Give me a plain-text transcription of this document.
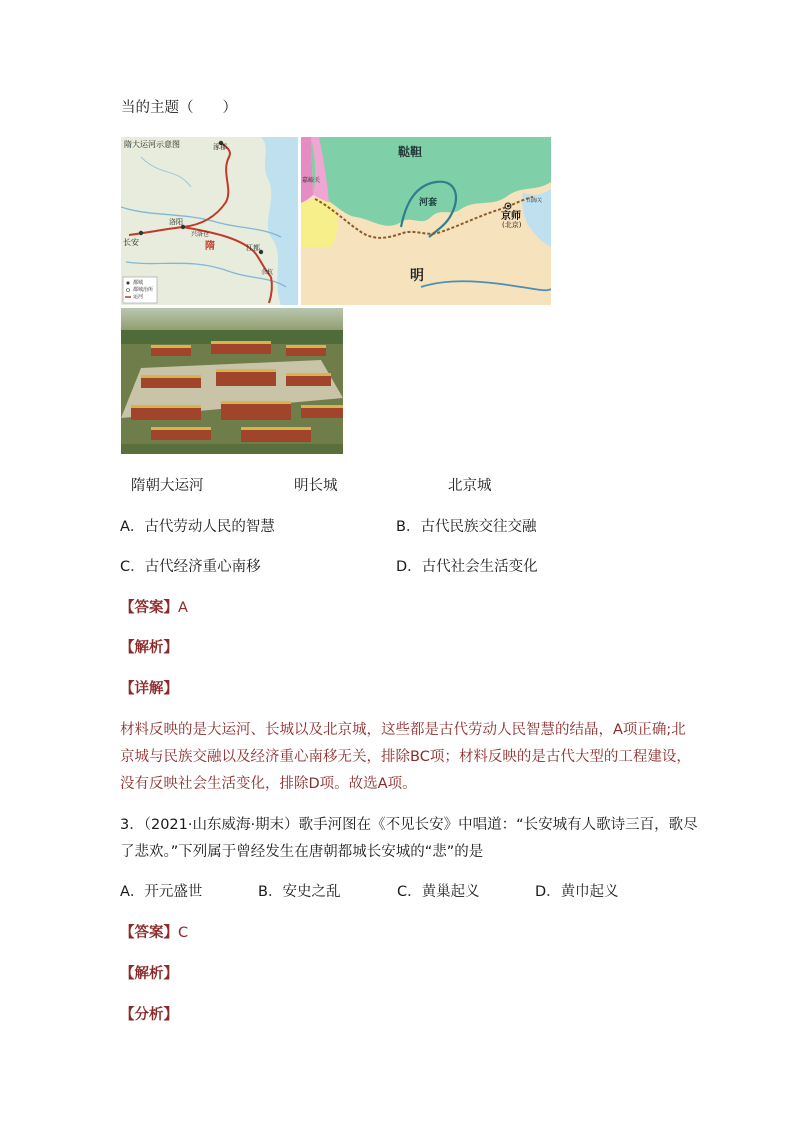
当的主题（　　）
隋大运河示意图	涿郡
洛阳
长安
兴洛仓
江都
余杭
隋
都城
都城治所
运河
鞑靼
嘉峪关
河套
京师
(北京)
明
山海关
隋朝大运河	明长城	北京城
A．古代劳动人民的智慧	B．古代民族交往交融
C．古代经济重心南移	D．古代社会生活变化
【答案】A
【解析】
【详解】
材料反映的是大运河、长城以及北京城，这些都是古代劳动人民智慧的结晶，A项正确;北
京城与民族交融以及经济重心南移无关，排除BC项；材料反映的是古代大型的工程建设，
没有反映社会生活变化，排除D项。故选A项。
3．（2021·山东威海·期末）歌手河图在《不见长安》中唱道：“长安城有人歌诗三百，歌尽
了悲欢。”下列属于曾经发生在唐朝都城长安城的“悲”的是
A．开元盛世	B．安史之乱	C．黄巢起义	D．黄巾起义
【答案】C
【解析】
【分析】
